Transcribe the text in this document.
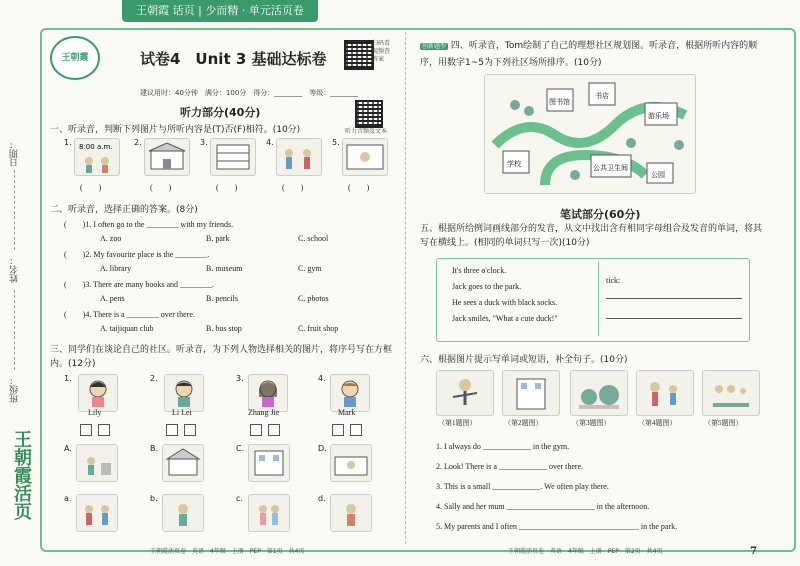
王朝霞 话页 | 少而精 · 单元活页卷
日期：
姓名：
班级：
王朝霞活页
王朝霞	试卷4　Unit 3 基础达标卷
扫码看视频查答案
建议用时：40分钟　满分：100分　得分：________　等级：________
听力音频及文本
听力部分(40分)
一、听录音，判断下列图片与所听内容是(T)否(F)相符。(10分)
1. 8:00 a.m.	2.	3.	4.	5.
(　　)	(　　)	(　　)	(　　)	(　　)
二、听录音，选择正确的答案。(8分)
(　　)1. I often go to the ________ with my friends.
A. zoo	B. park	C. school
(　　)2. My favourite place is the ________.
A. library	B. museum	C. gym
(　　)3. There are many books and ________.
A. pens	B. pencils	C. photos
(　　)4. There is a ________ over there.
A. taijiquan club	B. bus stop	C. fruit shop
三、同学们在谈论自己的社区。听录音，为下列人物选择相关的图片，将序号写在方框内。(12分)
1.
Lily
2.
Li Lei
3.
Zhang Jie
4.
Mark
A.	B.	C.	D.
a.	b.	c.	d.
王朝霞活页卷　英语　4年级　上册　PEP　第1页　共4页
创新题型 四、听录音，Tom绘制了自己的理想社区规划图。听录音，根据所听内容的顺序，用数字1~5为下列社区场所排序。(10分)
图书馆
书店
游乐场
学校	公共卫生间
公园
笔试部分(60分)
五、根据所给例词画线部分的发音，从文中找出含有相同字母组合及发音的单词，将其写在横线上。(相同的单词只写一次)(10分)
It's three o'clock.
Jack goes to the park.
He sees a duck with black socks.
Jack smiles, "What a cute duck!"
tick:
六、根据图片提示写单词或短语，补全句子。(10分)
（第1题图）	（第2题图）	（第3题图）	（第4题图）	（第5题图）
1. I always do ____________ in the gym.
2. Look! There is a ____________ over there.
3. This is a small ____________. We often play there.
4. Sally and her mum ______________________ in the afternoon.
5. My parents and I often ______________________________ in the park.
王朝霞活页卷　英语　4年级　上册　PEP　第2页　共4页	7
